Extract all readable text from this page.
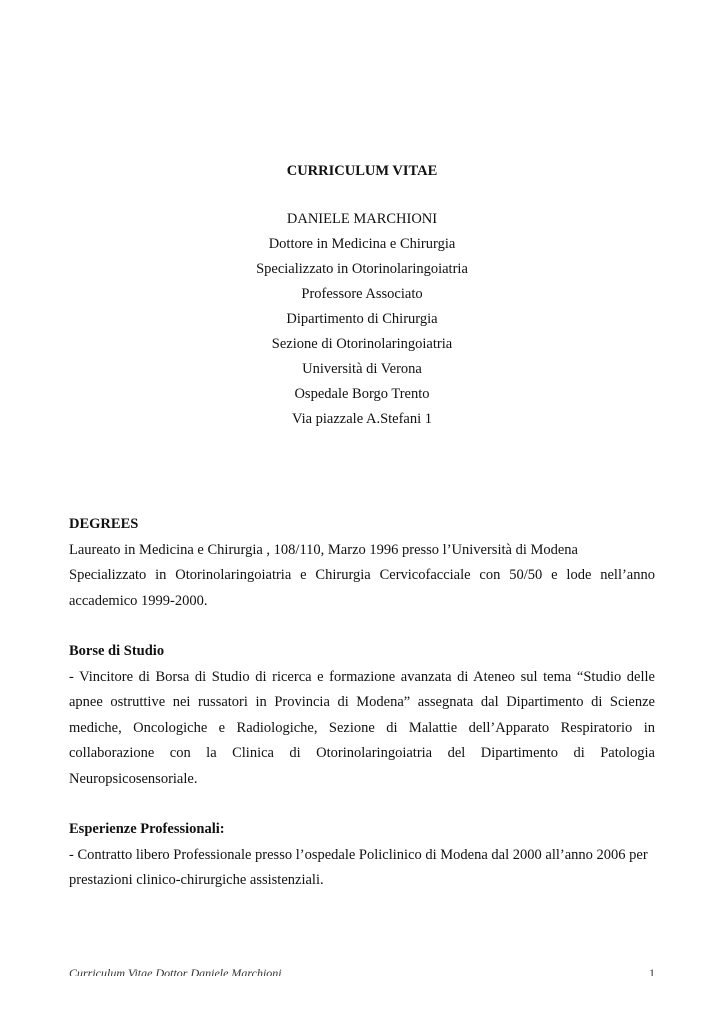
CURRICULUM VITAE

DANIELE MARCHIONI

Dottore in Medicina e Chirurgia

Specializzato in Otorinolaringoiatria

Professore Associato

Dipartimento di Chirurgia

Sezione di Otorinolaringoiatria

Università di Verona

Ospedale Borgo Trento

Via piazzale A.Stefani 1

DEGREES

Laureato in Medicina e Chirurgia , 108/110, Marzo 1996 presso l’Università di Modena

Specializzato in Otorinolaringoiatria e Chirurgia Cervicofacciale con 50/50 e lode nell’anno accademico 1999-2000.

Borse di Studio

- Vincitore di Borsa di Studio di ricerca e formazione avanzata di Ateneo sul tema “Studio delle apnee ostruttive nei russatori in Provincia di Modena” assegnata dal Dipartimento di Scienze mediche, Oncologiche e Radiologiche, Sezione di Malattie dell’Apparato Respiratorio in collaborazione con la Clinica di Otorinolaringoiatria del Dipartimento di Patologia Neuropsicosensoriale.

Esperienze Professionali:

- Contratto libero Professionale presso l’ospedale Policlinico di Modena dal 2000 all’anno 2006 per prestazioni clinico-chirurgiche assistenziali.

Curriculum Vitae Dottor Daniele Marchioni	1
